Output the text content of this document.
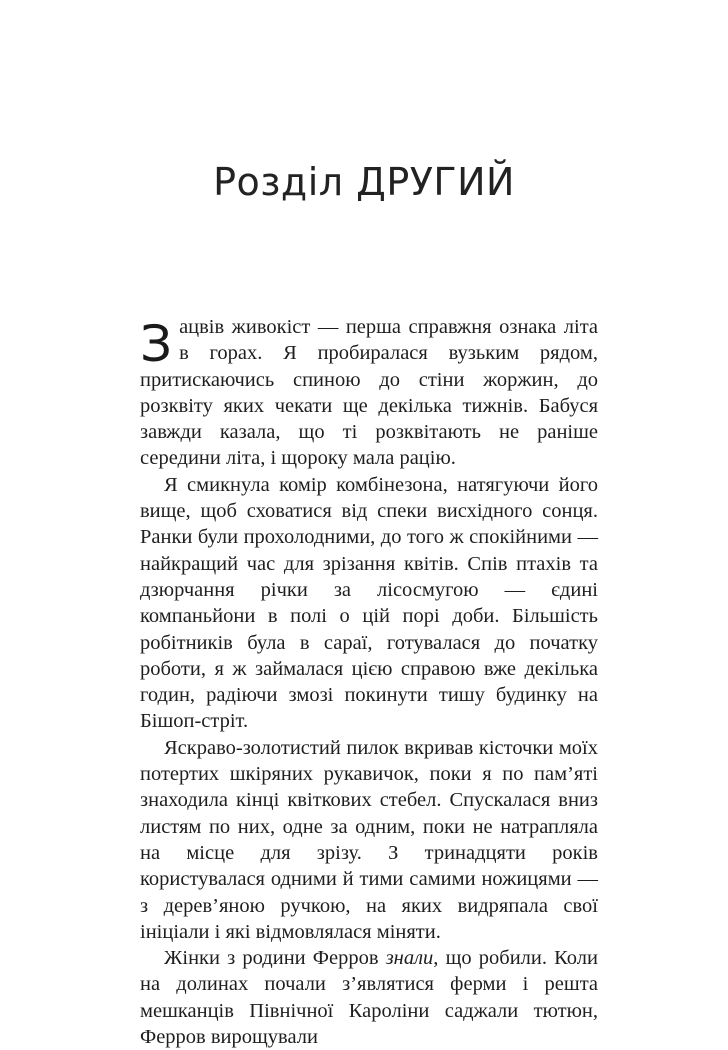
Розділ ДРУГИЙ

Зацвів живокіст — перша справжня ознака літа в горах. Я пробиралася вузьким рядом, притискаючись спиною до стіни жоржин, до розквіту яких чекати ще декілька тижнів. Бабуся завжди казала, що ті розквітають не раніше середини літа, і щороку мала рацію.

Я смикнула комір комбінезона, натягуючи його вище, щоб сховатися від спеки висхідного сонця. Ранки були прохолодними, до того ж спокійними — найкращий час для зрізання квітів. Спів птахів та дзюрчання річки за лісосмугою — єдині компаньйони в полі о цій порі доби. Більшість робітників була в сараї, готувалася до початку роботи, я ж займалася цією справою вже декілька годин, радіючи змозі покинути тишу будинку на Бішоп-стріт.

Яскраво-золотистий пилок вкривав кісточки моїх потертих шкіряних рукавичок, поки я по пам’яті знаходила кінці квіткових стебел. Спускалася вниз листям по них, одне за одним, поки не натрапляла на місце для зрізу. З тринадцяти років користувалася одними й тими самими ножицями — з дерев’яною ручкою, на яких видряпала свої ініціали і які відмовлялася міняти.

Жінки з родини Ферров знали, що робили. Коли на долинах почали з’являтися ферми і решта мешканців Північної Кароліни саджали тютюн, Ферров вирощували
